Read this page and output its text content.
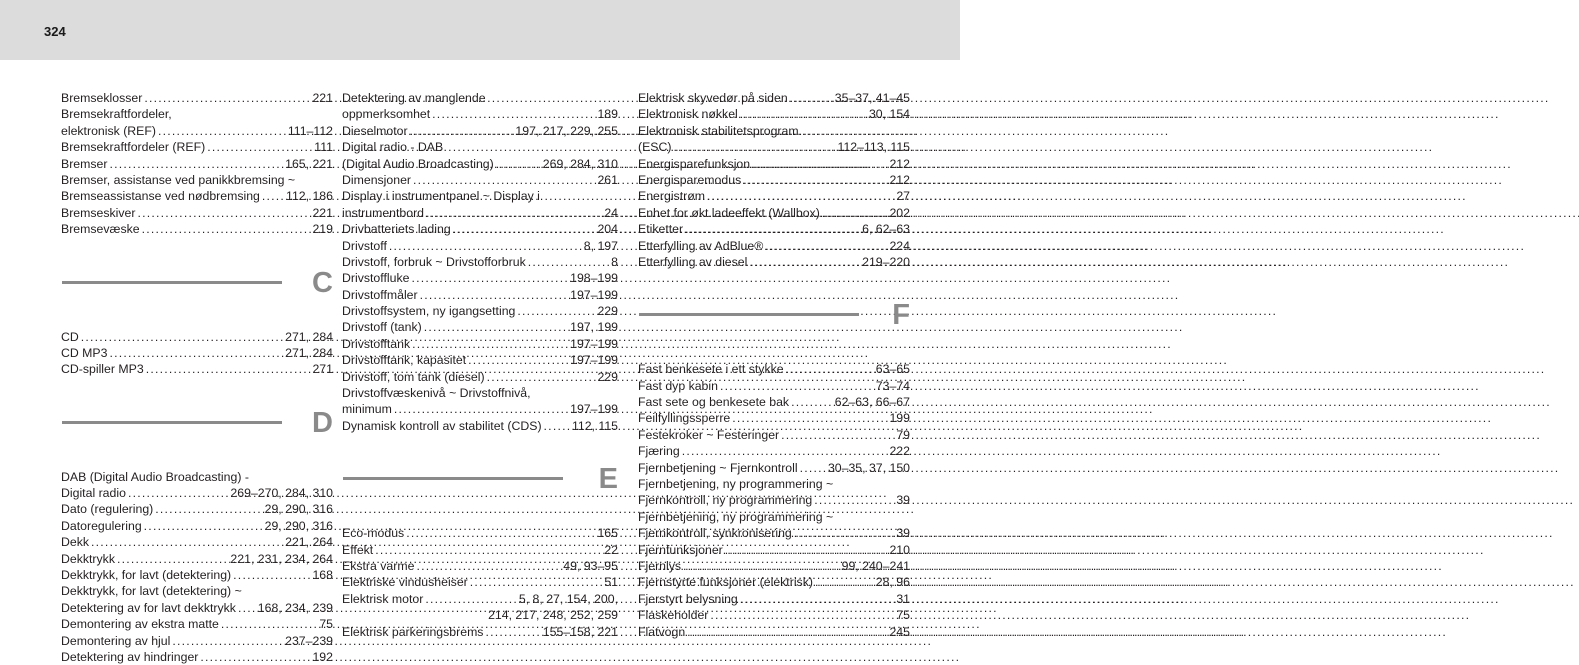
324
Bremseklosser . . .	221
Bremsekraftfordeler,
elektronisk (REF) . . .	111–112
Bremsekraftfordeler (REF) . . .	111
Bremser . . .	165, 221
Bremser, assistanse ved panikkbremsing ~
Bremseassistanse ved nødbremsing . . . 112, 186
Bremseskiver . . .	221
Bremsevæske . . .	219
C
CD . . .	271, 284
CD MP3 . . .	271, 284
CD-spiller MP3 . . .	271
D
DAB (Digital Audio Broadcasting) -
Digital radio . . .	269–270, 284, 310
Dato (regulering) . . .	29, 290, 316
Datoregulering . . .	29, 290, 316
Dekk . . .	221, 264
Dekktrykk . . .	221, 231, 234, 264
Dekktrykk, for lavt (detektering) . . .	168
Dekktrykk, for lavt (detektering) ~
Detektering av for lavt dekktrykk . . . 168, 234, 239
Demontering av ekstra matte . . .	75
Demontering av hjul . . .	237–239
Detektering av hindringer . . .	192
Detektering av manglende
oppmerksomhet . . .	189
Dieselmotor . . .	197, 217, 229, 255
Digital radio - DAB
(Digital Audio Broadcasting) . . .	269, 284, 310
Dimensjoner . . .	261
Display i instrumentpanel ~ Display i
instrumentbord . . .	24
Drivbatteriets lading . . .	204
Drivstoff . . .	8, 197
Drivstoff, forbruk ~ Drivstofforbruk . . .	8
Drivstoffluke . . .	198–199
Drivstoffmåler . . .	197–199
Drivstoffsystem, ny igangsetting . . .	229
Drivstoff (tank) . . .	197, 199
Drivstofftank . . .	197–199
Drivstofftank, kapasitet . . .	197–199
Drivstoff, tom tank (diesel) . . .	229
Drivstoffvæskenivå ~ Drivstoffnivå,
minimum . . .	197–199
Dynamisk kontroll av stabilitet (CDS) . . . 112, 115
E
Eco-modus . . .	165
Effekt . . .	22
Ekstra varme . . .	49, 93–95
Elektriske vindusheiser . . .	51
Elektrisk motor . . .	5, 8, 27, 154, 200,
214, 217, 248, 252, 259
Elektrisk parkeringsbrems . . .	155–158, 221
Elektrisk skyvedør på siden . . .	35–37, 41–45
Elektronisk nøkkel . . .	30, 154
Elektronisk stabilitetsprogram
(ESC) . . .	112–113, 115
Energisparefunksjon . . .	212
Energisparemodus . . .	212
Energistrøm . . .	27
Enhet for økt ladeeffekt (Wallbox) . . .	202
Etiketter . . .	6, 62–63
Etterfylling av AdBlue® . . .	224
Etterfylling av diesel . . .	219–220
F
Fast benkesete i ett stykke . . .	63–65
Fast dyp kabin . . .	73–74
Fast sete og benkesete bak . . .	62–63, 66–67
Feilfyllingssperre . . .	199
Festekroker ~ Festeringer . . .	79
Fjæring . . .	222
Fjernbetjening ~ Fjernkontroll . . . 30–35, 37, 150
Fjernbetjening, ny programmering ~
Fjernkontroll, ny programmering . . .	39
Fjernbetjening, ny programmering ~
Fjernkontroll, synkronisering . . .	39
Fjernfunksjoner . . .	210
Fjernlys . . .	99, 240–241
Fjernstyrte funksjoner (elektrisk) . . .	28, 96
Fjerstyrt belysning . . .	31
Flaskeholder . . .	75
Flatvogn . . .	245
